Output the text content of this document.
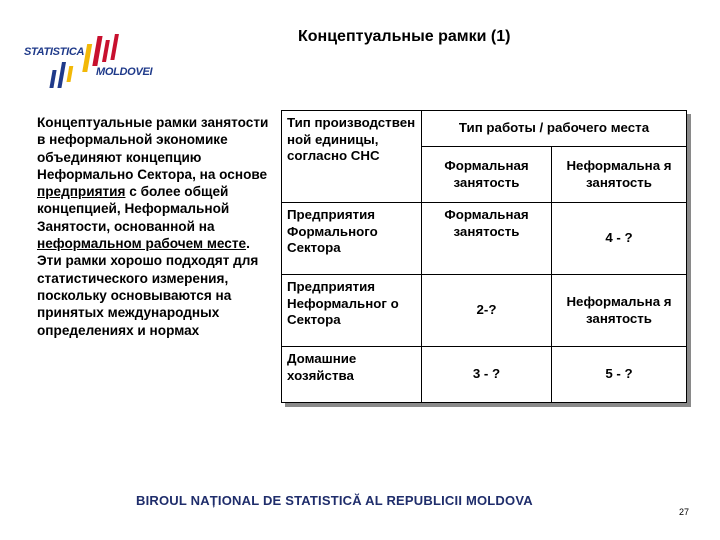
STATISTICA
MOLDOVEI
Концептуальные рамки (1)
Концептуальные рамки занятости в неформальной экономике объединяют концепцию Неформально Сектора, на основе предприятия с более общей концепцией, Неформальной Занятости, основанной на неформальном рабочем месте. Эти рамки хорошо подходят для статистического измерения, поскольку основываются на принятых международных определениях и нормах
Тип производствен ной единицы, согласно СНС	Тип работы / рабочего места	
	Формальная занятость	Неформальна я занятость
Предприятия Формального Сектора	Формальная занятость	4 - ?
Предприятия Неформальног о Сектора	2-?	Неформальна я занятость
Домашние хозяйства	3 - ?	5 - ?
BIROUL NAȚIONAL DE STATISTICĂ AL REPUBLICII MOLDOVA
27
